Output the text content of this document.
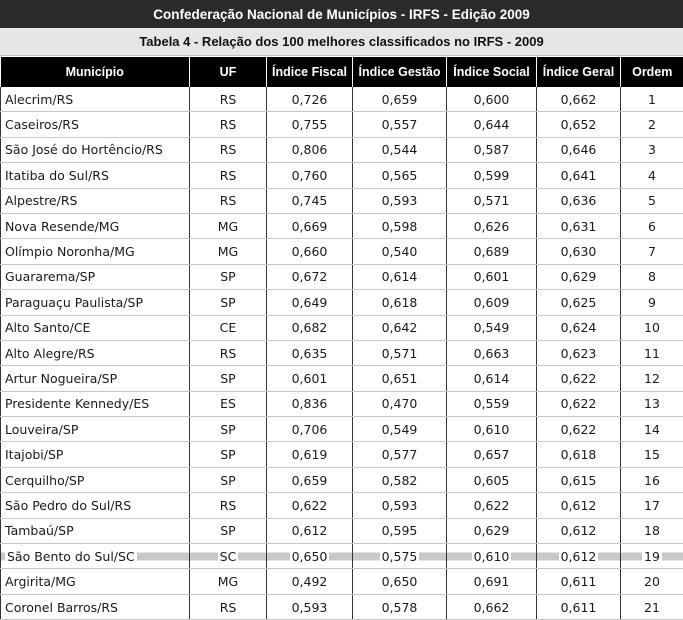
Confederação Nacional de Municípios - IRFS - Edição 2009
Tabela 4 - Relação dos 100 melhores classificados no IRFS - 2009
Município	UF	Índice Fiscal	Índice Gestão	Índice Social	Índice Geral	Ordem
Alecrim/RS	RS	0,726	0,659	0,600	0,662	1
Caseiros/RS	RS	0,755	0,557	0,644	0,652	2
São José do Hortêncio/RS	RS	0,806	0,544	0,587	0,646	3
Itatiba do Sul/RS	RS	0,760	0,565	0,599	0,641	4
Alpestre/RS	RS	0,745	0,593	0,571	0,636	5
Nova Resende/MG	MG	0,669	0,598	0,626	0,631	6
Olímpio Noronha/MG	MG	0,660	0,540	0,689	0,630	7
Guararema/SP	SP	0,672	0,614	0,601	0,629	8
Paraguaçu Paulista/SP	SP	0,649	0,618	0,609	0,625	9
Alto Santo/CE	CE	0,682	0,642	0,549	0,624	10
Alto Alegre/RS	RS	0,635	0,571	0,663	0,623	11
Artur Nogueira/SP	SP	0,601	0,651	0,614	0,622	12
Presidente Kennedy/ES	ES	0,836	0,470	0,559	0,622	13
Louveira/SP	SP	0,706	0,549	0,610	0,622	14
Itajobi/SP	SP	0,619	0,577	0,657	0,618	15
Cerquilho/SP	SP	0,659	0,582	0,605	0,615	16
São Pedro do Sul/RS	RS	0,622	0,593	0,622	0,612	17
Tambaú/SP	SP	0,612	0,595	0,629	0,612	18
São Bento do Sul/SC	SC	0,650	0,575	0,610	0,612	19
Argirita/MG	MG	0,492	0,650	0,691	0,611	20
Coronel Barros/RS	RS	0,593	0,578	0,662	0,611	21
